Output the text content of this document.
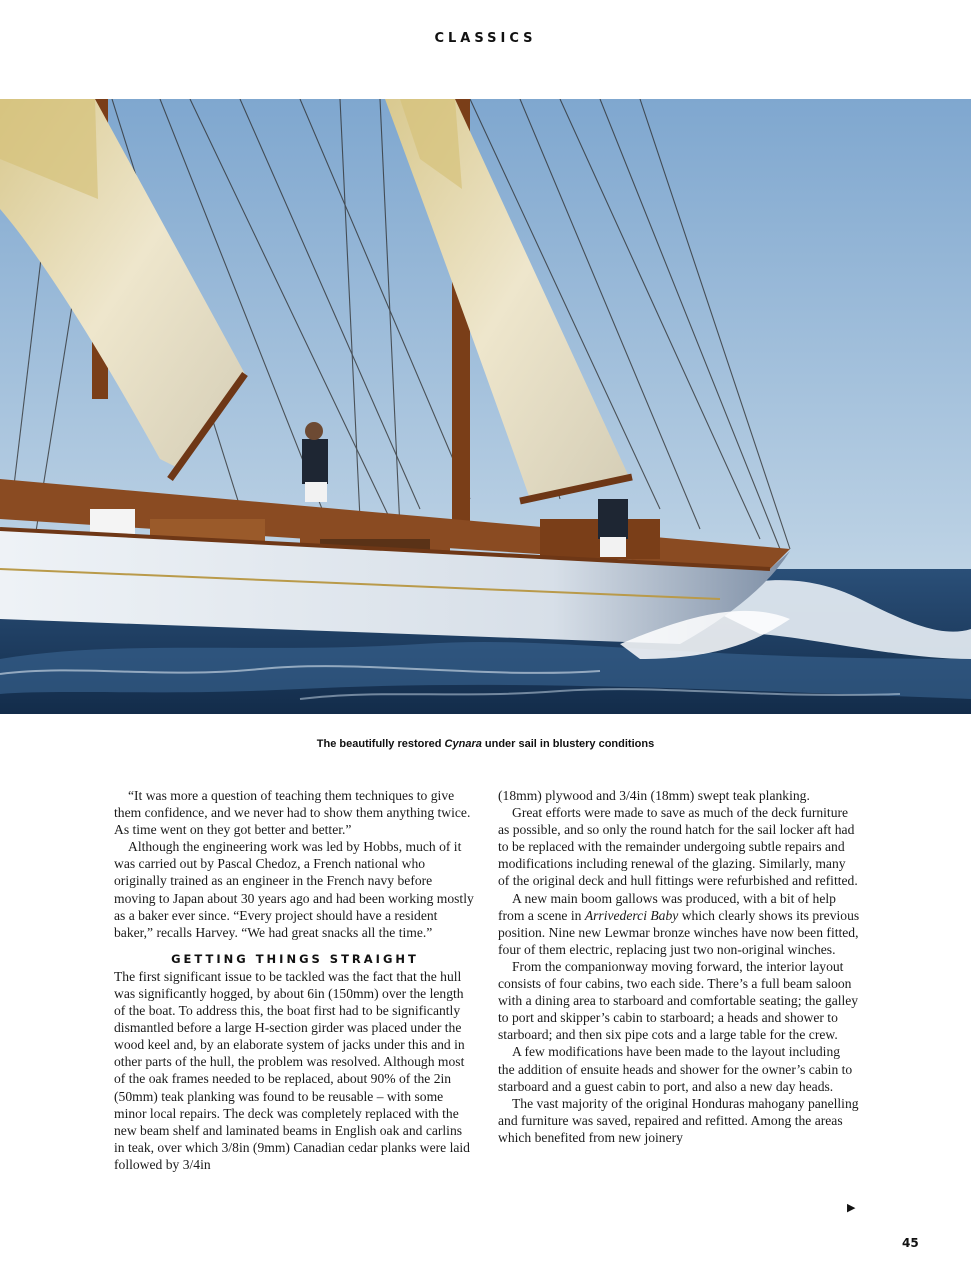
CLASSICS
The beautifully restored Cynara under sail in blustery conditions

“It was more a question of teaching them techniques to give them confidence, and we never had to show them anything twice. As time went on they got better and better.”

Although the engineering work was led by Hobbs, much of it was carried out by Pascal Chedoz, a French national who originally trained as an engineer in the French navy before moving to Japan about 30 years ago and had been working mostly as a baker ever since. “Every project should have a resident baker,” recalls Harvey. “We had great snacks all the time.”

GETTING THINGS STRAIGHT

The first significant issue to be tackled was the fact that the hull was significantly hogged, by about 6in (150mm) over the length of the boat. To address this, the boat first had to be significantly dismantled before a large H-section girder was placed under the wood keel and, by an elaborate system of jacks under this and in other parts of the hull, the problem was resolved. Although most of the oak frames needed to be replaced, about 90% of the 2in (50mm) teak planking was found to be reusable – with some minor local repairs. The deck was completely replaced with the new beam shelf and laminated beams in English oak and carlins in teak, over which 3/8in (9mm) Canadian cedar planks were laid followed by 3/4in

(18mm) plywood and 3/4in (18mm) swept teak planking.

Great efforts were made to save as much of the deck furniture as possible, and so only the round hatch for the sail locker aft had to be replaced with the remainder undergoing subtle repairs and modifications including renewal of the glazing. Similarly, many of the original deck and hull fittings were refurbished and refitted.

A new main boom gallows was produced, with a bit of help from a scene in Arrivederci Baby which clearly shows its previous position. Nine new Lewmar bronze winches have now been fitted, four of them electric, replacing just two non-original winches.

From the companionway moving forward, the interior layout consists of four cabins, two each side. There’s a full beam saloon with a dining area to starboard and comfortable seating; the galley to port and skipper’s cabin to starboard; a heads and shower to starboard; and then six pipe cots and a large table for the crew.

A few modifications have been made to the layout including the addition of ensuite heads and shower for the owner’s cabin to starboard and a guest cabin to port, and also a new day heads.

The vast majority of the original Honduras mahogany panelling and furniture was saved, repaired and refitted. Among the areas which benefited from new joinery

▶
45
